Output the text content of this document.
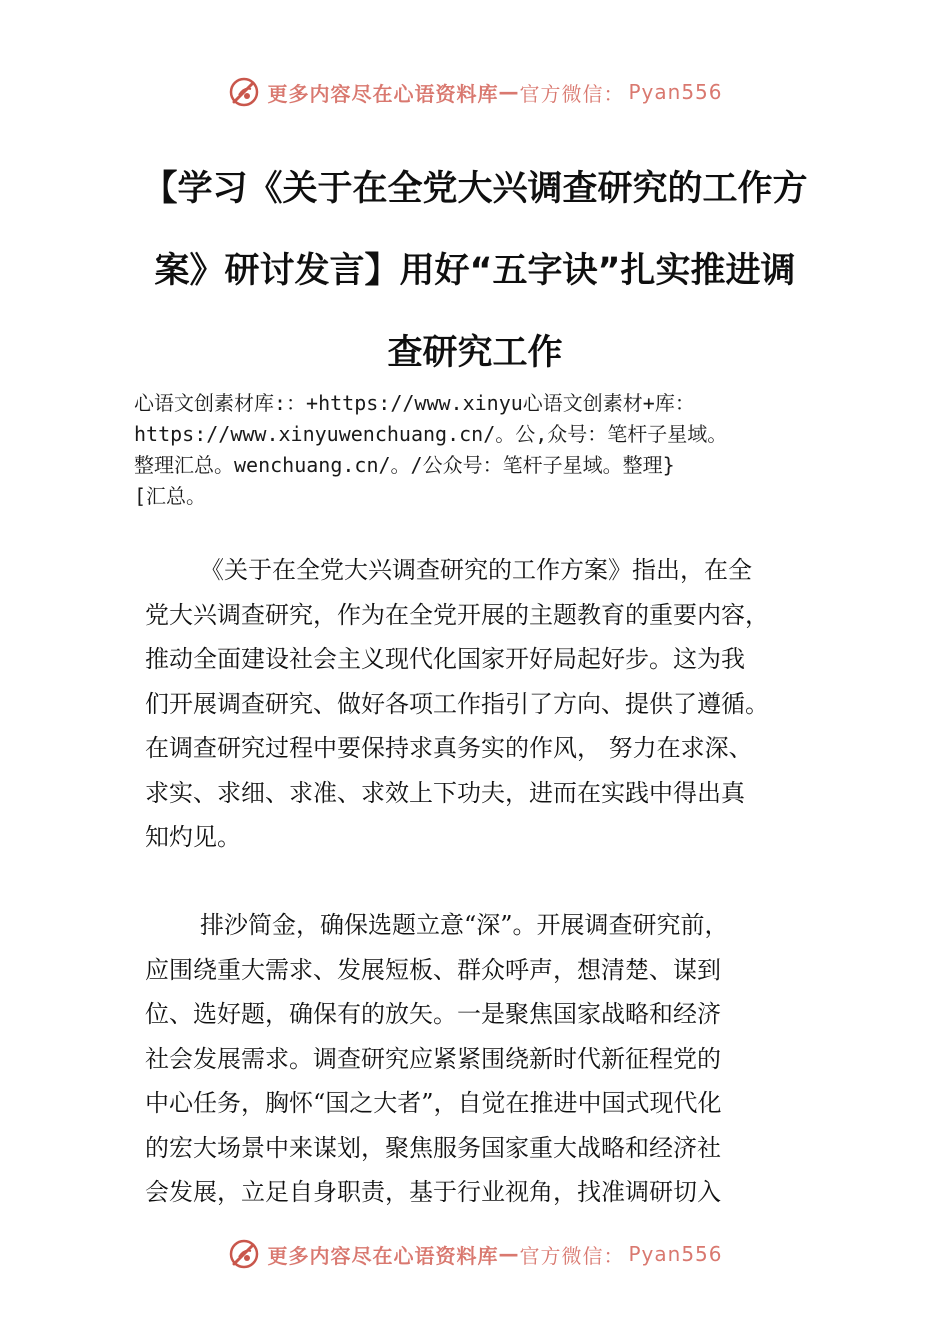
更多内容尽在心语资料库 — 官方微信： Pyan556
【学习《关于在全党大兴调查研究的工作方
案》研讨发言】用好“五字诀”扎实推进调
查研究工作
心语文创素材库:：+https://www.xinyu心语文创素材+库：
https://www.xinyuwenchuang.cn/。公,众号：笔杆子星域。
整理汇总。wenchuang.cn/。/公众号：笔杆子星域。整理}
[汇总。
《关于在全党大兴调查研究的工作方案》指出，在全
党大兴调查研究，作为在全党开展的主题教育的重要内容，
推动全面建设社会主义现代化国家开好局起好步。这为我
们开展调查研究、做好各项工作指引了方向、提供了遵循。
在调查研究过程中要保持求真务实的作风， 努力在求深、
求实、求细、求准、求效上下功夫，进而在实践中得出真
知灼见。
排沙简金，确保选题立意“深”。开展调查研究前，
应围绕重大需求、发展短板、群众呼声，想清楚、谋到
位、选好题，确保有的放矢。一是聚焦国家战略和经济
社会发展需求。调查研究应紧紧围绕新时代新征程党的
中心任务，胸怀“国之大者”，自觉在推进中国式现代化
的宏大场景中来谋划，聚焦服务国家重大战略和经济社
会发展，立足自身职责，基于行业视角，找准调研切入
更多内容尽在心语资料库 — 官方微信： Pyan556
